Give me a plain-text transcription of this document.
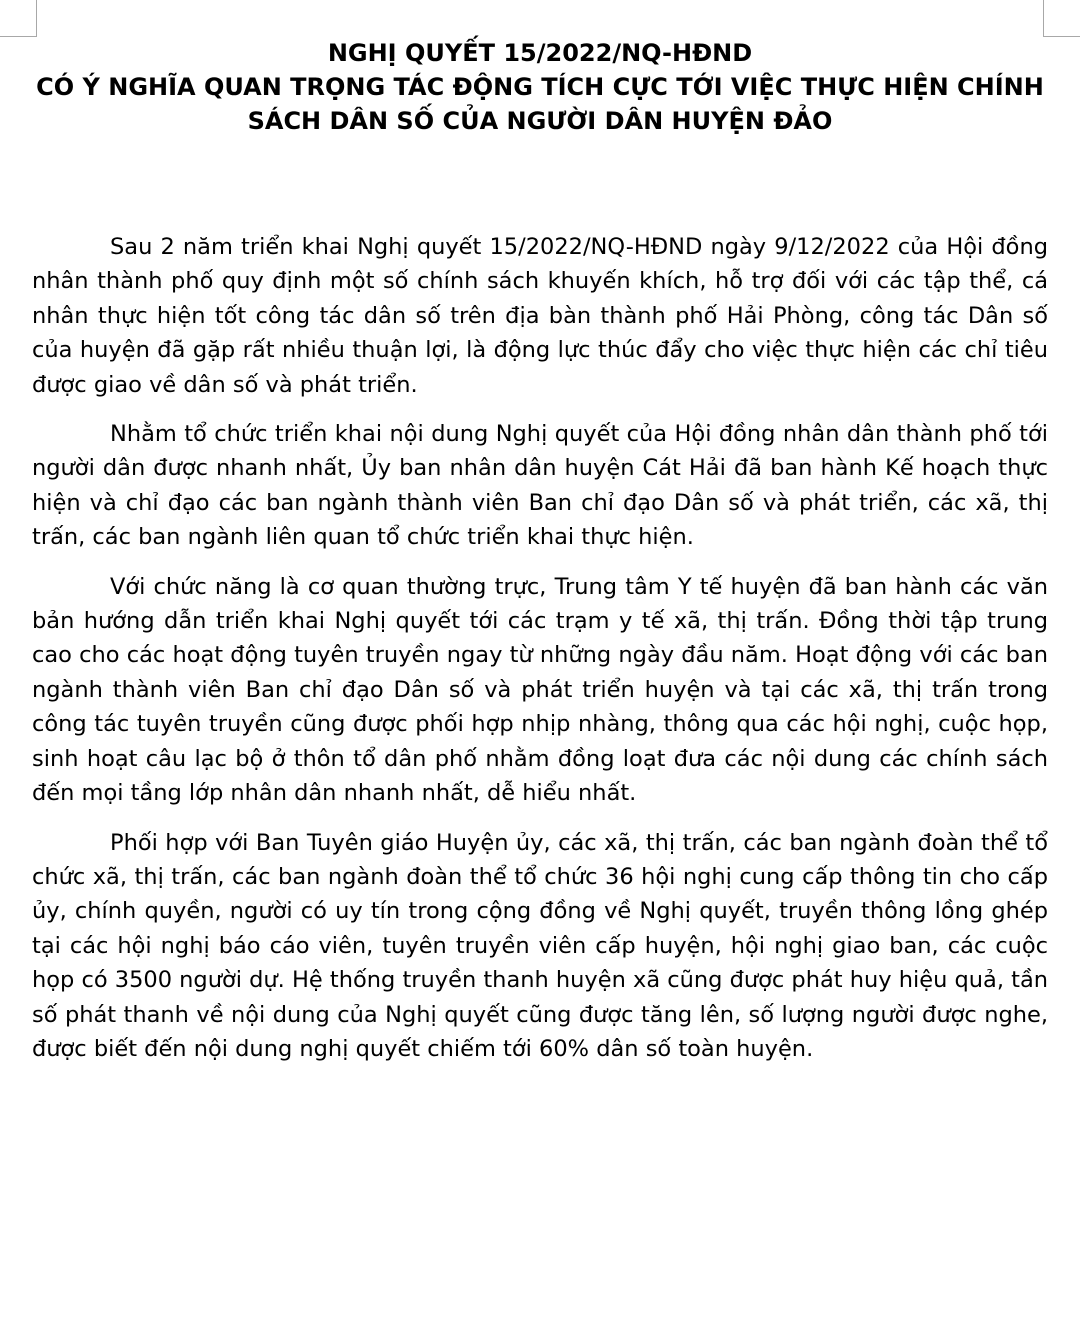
NGHỊ QUYẾT 15/2022/NQ-HĐND
CÓ Ý NGHĨA QUAN TRỌNG TÁC ĐỘNG TÍCH CỰC TỚI VIỆC THỰC HIỆN CHÍNH
SÁCH DÂN SỐ CỦA NGƯỜI DÂN HUYỆN ĐẢO

Sau 2 năm triển khai Nghị quyết 15/2022/NQ-HĐND ngày 9/12/2022 của Hội đồng nhân thành phố quy định một số chính sách khuyến khích, hỗ trợ đối với các tập thể, cá nhân thực hiện tốt công tác dân số trên địa bàn thành phố Hải Phòng, công tác Dân số của huyện đã gặp rất nhiều thuận lợi, là động lực thúc đẩy cho việc thực hiện các chỉ tiêu được giao về dân số và phát triển.

Nhằm tổ chức triển khai nội dung Nghị quyết của Hội đồng nhân dân thành phố tới người dân được nhanh nhất, Ủy ban nhân dân huyện Cát Hải đã ban hành Kế hoạch thực hiện và chỉ đạo các ban ngành thành viên Ban chỉ đạo Dân số và phát triển, các xã, thị trấn, các ban ngành liên quan tổ chức triển khai thực hiện.

Với chức năng là cơ quan thường trực, Trung tâm Y tế huyện đã ban hành các văn bản hướng dẫn triển khai Nghị quyết tới các trạm y tế xã, thị trấn. Đồng thời tập trung cao cho các hoạt động tuyên truyền ngay từ những ngày đầu năm. Hoạt động với các ban ngành thành viên Ban chỉ đạo Dân số và phát triển huyện và tại các xã, thị trấn trong công tác tuyên truyền cũng được phối hợp nhịp nhàng, thông qua các hội nghị, cuộc họp, sinh hoạt câu lạc bộ ở thôn tổ dân phố nhằm đồng loạt đưa các nội dung các chính sách đến mọi tầng lớp nhân dân nhanh nhất, dễ hiểu nhất.

Phối hợp với Ban Tuyên giáo Huyện ủy, các xã, thị trấn, các ban ngành đoàn thể tổ chức xã, thị trấn, các ban ngành đoàn thể tổ chức 36 hội nghị cung cấp thông tin cho cấp ủy, chính quyền, người có uy tín trong cộng đồng về Nghị quyết, truyền thông lồng ghép tại các hội nghị báo cáo viên, tuyên truyền viên cấp huyện, hội nghị giao ban, các cuộc họp có 3500 người dự. Hệ thống truyền thanh huyện xã cũng được phát huy hiệu quả, tần số phát thanh về nội dung của Nghị quyết cũng được tăng lên, số lượng người được nghe, được biết đến nội dung nghị quyết chiếm tới 60% dân số toàn huyện.
